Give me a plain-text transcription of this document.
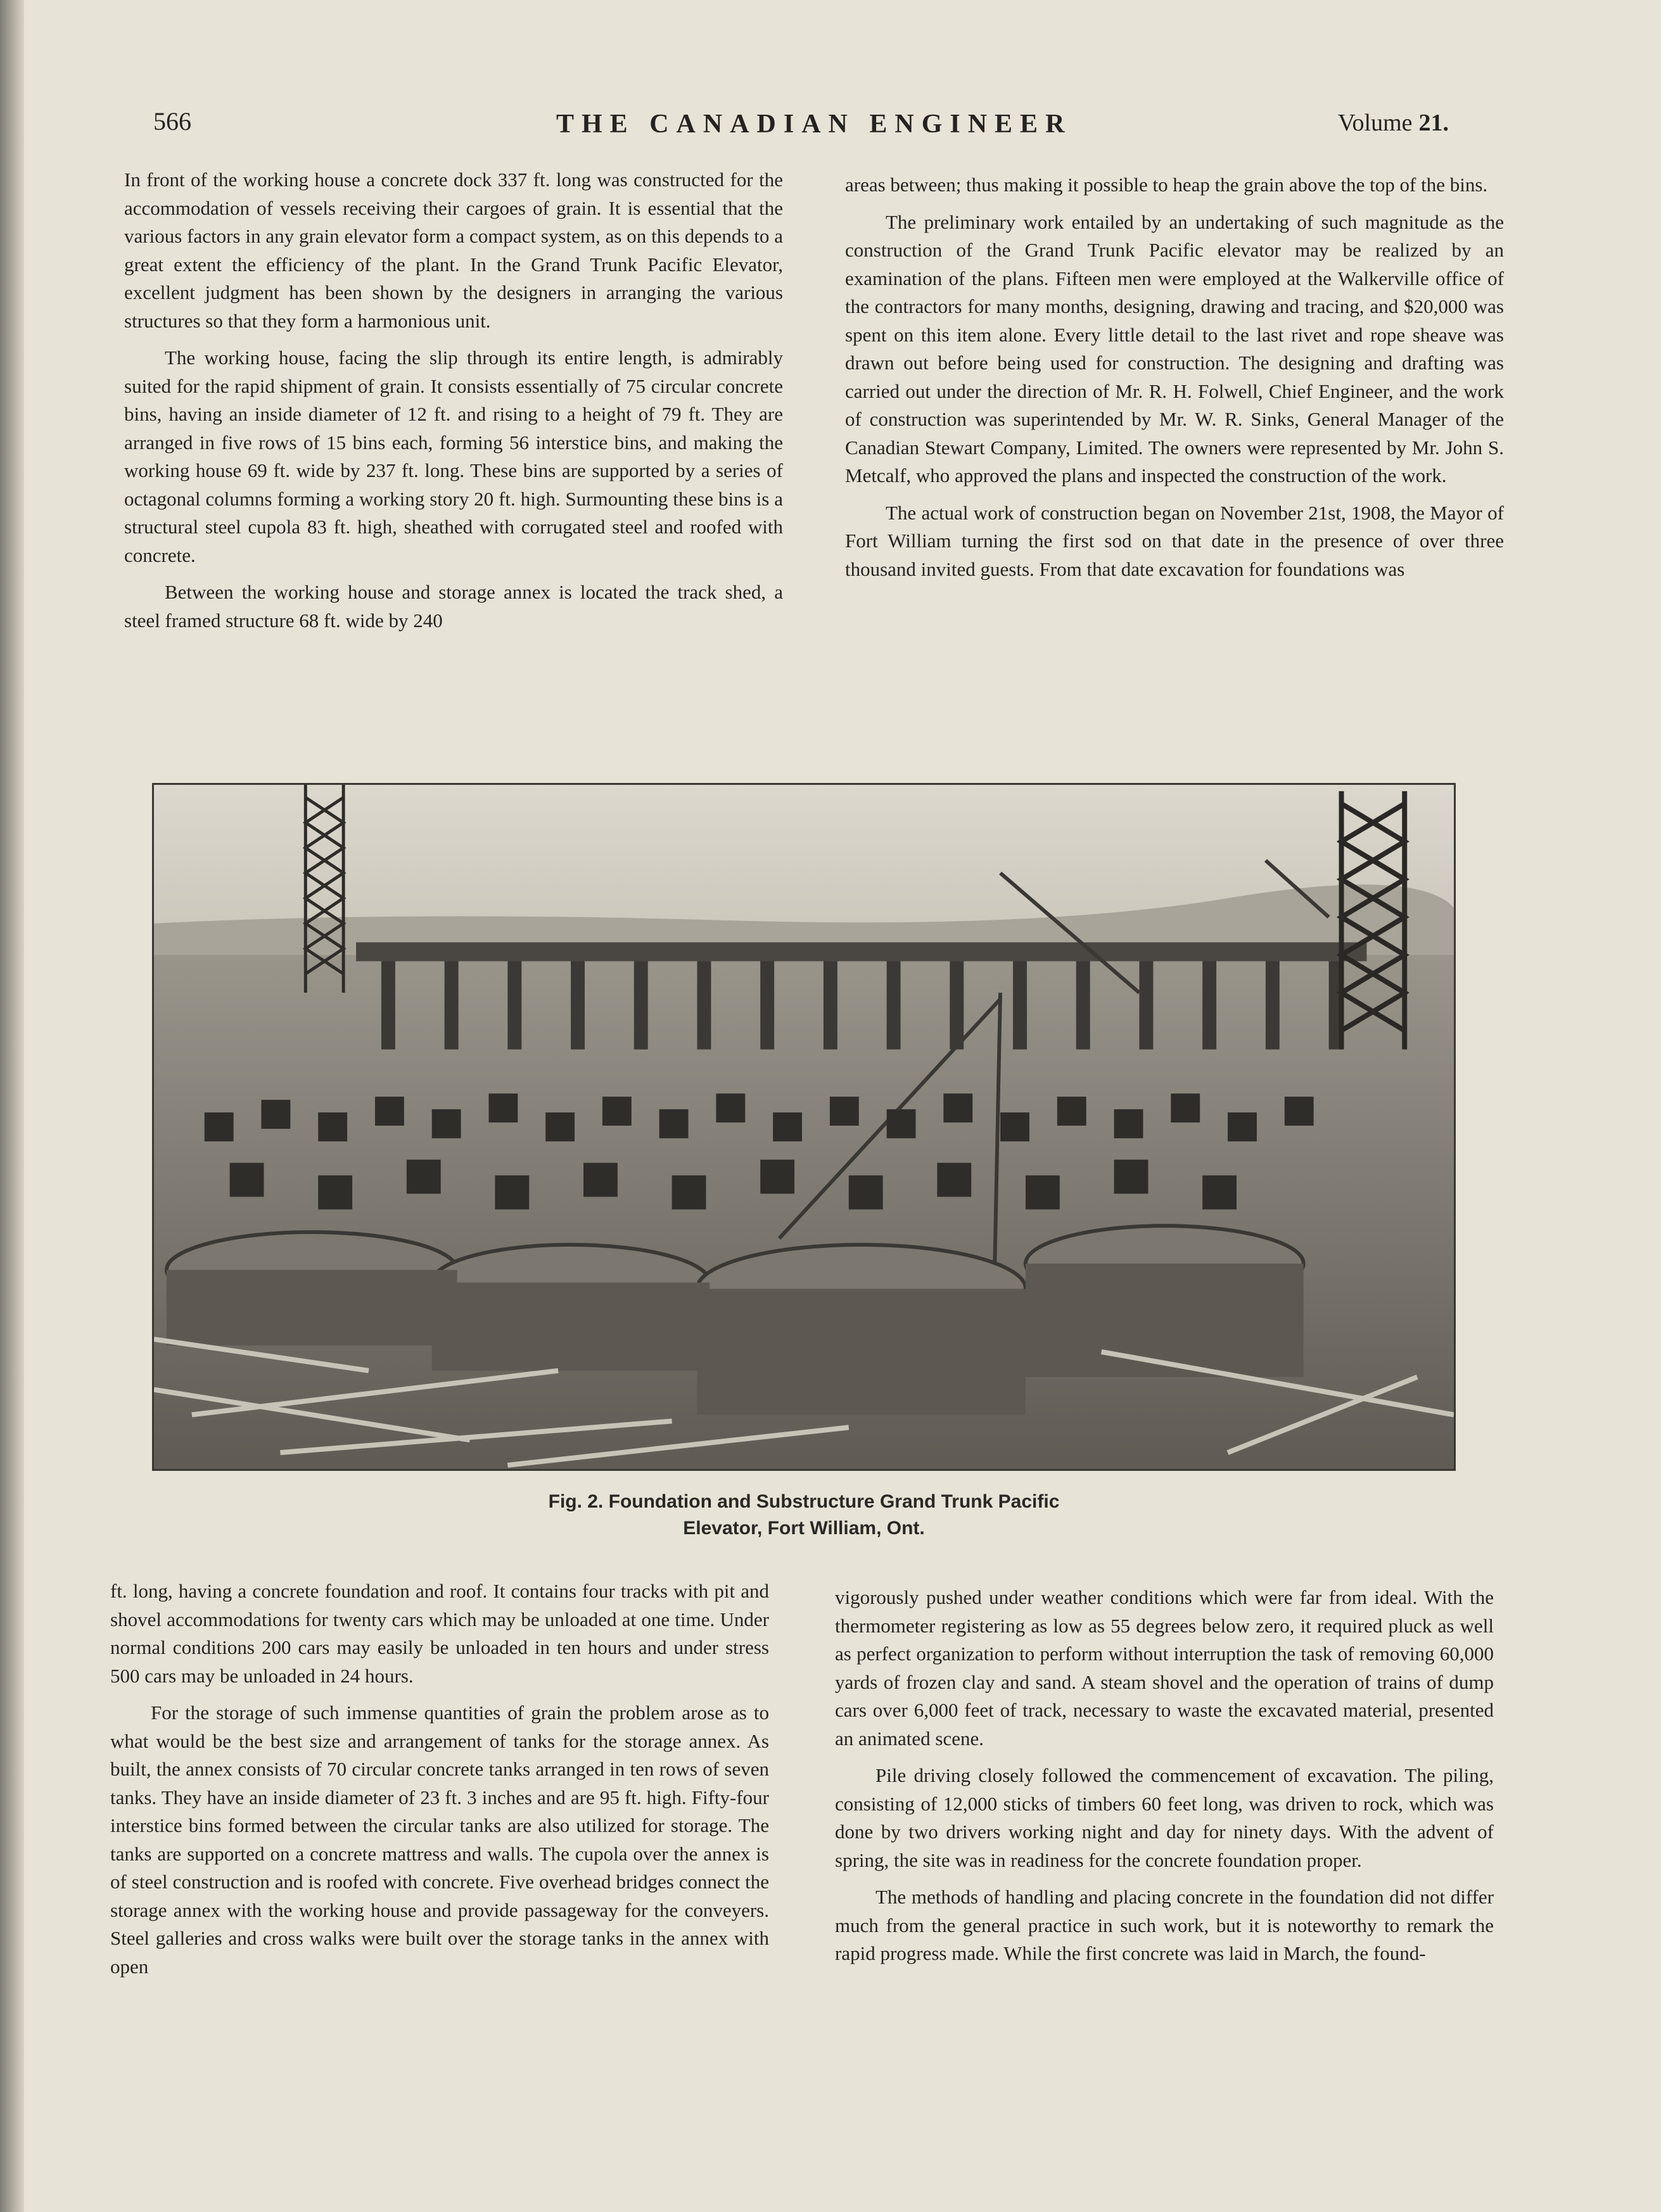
566	THE CANADIAN ENGINEER	Volume 21.

In front of the working house a concrete dock 337 ft. long was constructed for the accommodation of vessels receiving their cargoes of grain. It is essential that the various factors in any grain elevator form a compact system, as on this depends to a great extent the efficiency of the plant. In the Grand Trunk Pacific Elevator, excellent judgment has been shown by the designers in arranging the various structures so that they form a harmonious unit.

The working house, facing the slip through its entire length, is admirably suited for the rapid shipment of grain. It consists essentially of 75 circular concrete bins, having an inside diameter of 12 ft. and rising to a height of 79 ft. They are arranged in five rows of 15 bins each, forming 56 interstice bins, and making the working house 69 ft. wide by 237 ft. long. These bins are supported by a series of octagonal columns forming a working story 20 ft. high. Surmounting these bins is a structural steel cupola 83 ft. high, sheathed with corrugated steel and roofed with concrete.

Between the working house and storage annex is located the track shed, a steel framed structure 68 ft. wide by 240

areas between; thus making it possible to heap the grain above the top of the bins.

The preliminary work entailed by an undertaking of such magnitude as the construction of the Grand Trunk Pacific elevator may be realized by an examination of the plans. Fifteen men were employed at the Walkerville office of the contractors for many months, designing, drawing and tracing, and $20,000 was spent on this item alone. Every little detail to the last rivet and rope sheave was drawn out before being used for construction. The designing and drafting was carried out under the direction of Mr. R. H. Folwell, Chief Engineer, and the work of construction was superintended by Mr. W. R. Sinks, General Manager of the Canadian Stewart Company, Limited. The owners were represented by Mr. John S. Metcalf, who approved the plans and inspected the construction of the work.

The actual work of construction began on November 21st, 1908, the Mayor of Fort William turning the first sod on that date in the presence of over three thousand invited guests. From that date excavation for foundations was

Fig. 2. Foundation and Substructure Grand Trunk Pacific
Elevator, Fort William, Ont.

ft. long, having a concrete foundation and roof. It contains four tracks with pit and shovel accommodations for twenty cars which may be unloaded at one time. Under normal conditions 200 cars may easily be unloaded in ten hours and under stress 500 cars may be unloaded in 24 hours.

For the storage of such immense quantities of grain the problem arose as to what would be the best size and arrangement of tanks for the storage annex. As built, the annex consists of 70 circular concrete tanks arranged in ten rows of seven tanks. They have an inside diameter of 23 ft. 3 inches and are 95 ft. high. Fifty-four interstice bins formed between the circular tanks are also utilized for storage. The tanks are supported on a concrete mattress and walls. The cupola over the annex is of steel construction and is roofed with concrete. Five overhead bridges connect the storage annex with the working house and provide passageway for the conveyers. Steel galleries and cross walks were built over the storage tanks in the annex with open

vigorously pushed under weather conditions which were far from ideal. With the thermometer registering as low as 55 degrees below zero, it required pluck as well as perfect organization to perform without interruption the task of removing 60,000 yards of frozen clay and sand. A steam shovel and the operation of trains of dump cars over 6,000 feet of track, necessary to waste the excavated material, presented an animated scene.

Pile driving closely followed the commencement of excavation. The piling, consisting of 12,000 sticks of timbers 60 feet long, was driven to rock, which was done by two drivers working night and day for ninety days. With the advent of spring, the site was in readiness for the concrete foundation proper.

The methods of handling and placing concrete in the foundation did not differ much from the general practice in such work, but it is noteworthy to remark the rapid progress made. While the first concrete was laid in March, the found-
